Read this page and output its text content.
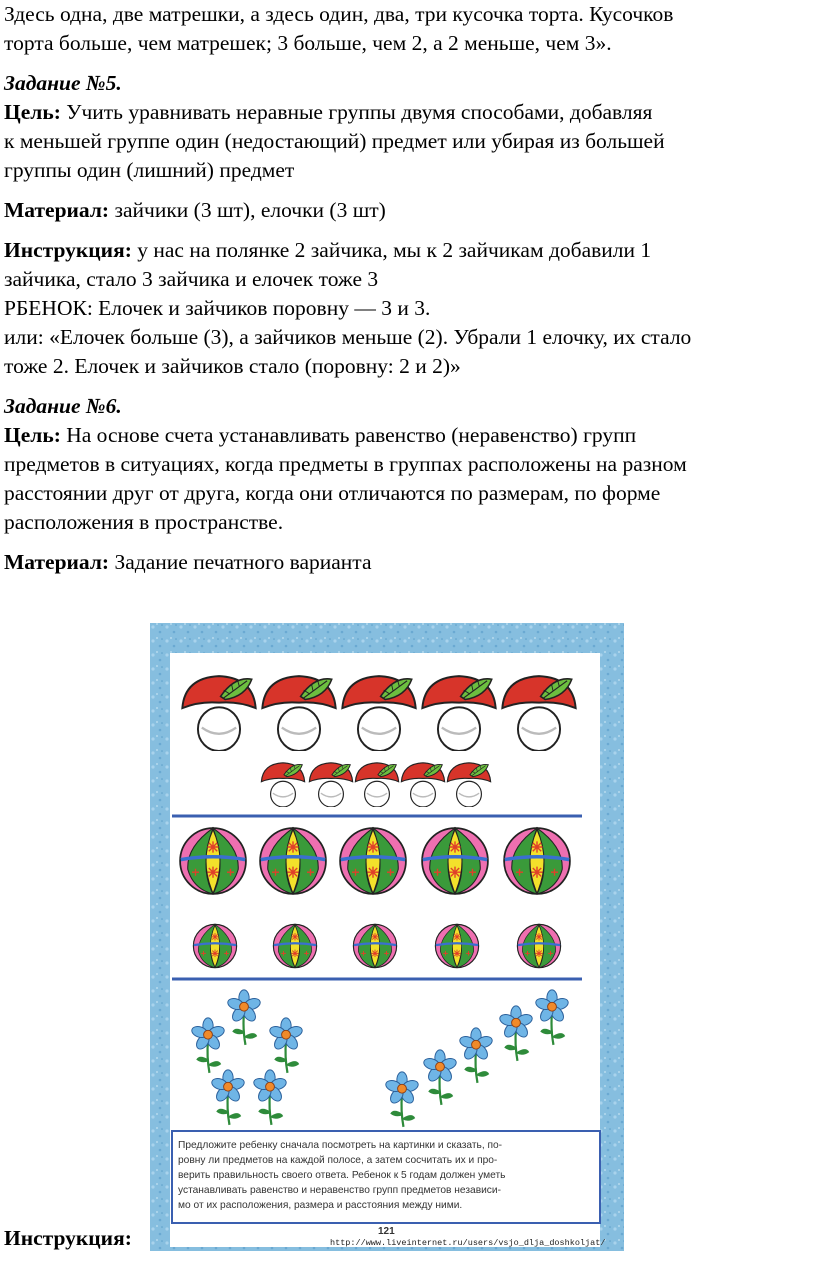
Здесь одна, две матрешки, а здесь один, два, три кусочка торта. Кусочков

торта больше, чем матрешек; 3 больше, чем 2, а 2 меньше, чем 3».

Задание №5.

Цель: Учить уравнивать неравные группы двумя способами, добавляя

к меньшей группе один (недостающий) предмет или убирая из большей

группы один (лишний) предмет

Материал: зайчики (3 шт), елочки (3 шт)

Инструкция: у нас на полянке 2 зайчика, мы к 2 зайчикам добавили 1

зайчика, стало 3 зайчика и елочек тоже 3

РБЕНОК: Елочек и зайчиков поровну — 3 и 3.

или: «Елочек больше (3), а зайчиков меньше (2). Убрали 1 елочку, их стало

тоже 2. Елочек и зайчиков стало (поровну: 2 и 2)»

Задание №6.

Цель: На основе счета устанавливать равенство (неравенство) групп

предметов в ситуациях, когда предметы в группах расположены на разном

расстоянии друг от друга, когда они отличаются по размерам, по форме

расположения в пространстве.

Материал: Задание печатного варианта

Инструкция:
Предложите ребенку сначала посмотреть на картинки и сказать, по-
ровну ли предметов на каждой полосе, а затем сосчитать их и про-
верить правильность своего ответа. Ребенок к 5 годам должен уметь
устанавливать равенство и неравенство групп предметов независи-
мо от их расположения, размера и расстояния между ними.
121
http://www.liveinternet.ru/users/vsjo_dlja_doshkoljat/
